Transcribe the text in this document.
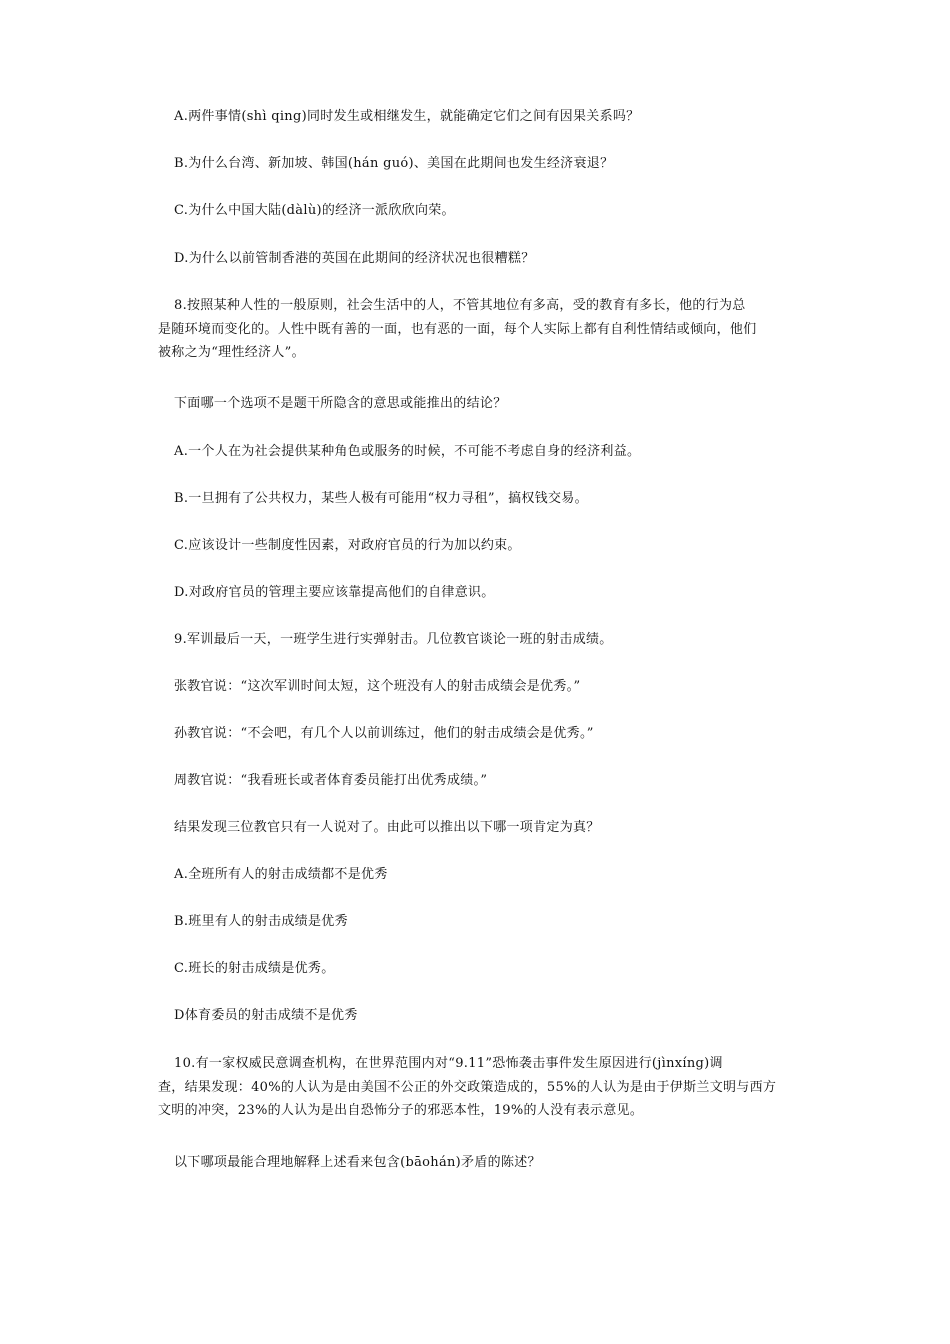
A.两件事情(shì qing)同时发生或相继发生，就能确定它们之间有因果关系吗？
B.为什么台湾、新加坡、韩国(hán guó)、美国在此期间也发生经济衰退？
C.为什么中国大陆(dàlù)的经济一派欣欣向荣。
D.为什么以前管制香港的英国在此期间的经济状况也很糟糕？
8.按照某种人性的一般原则，社会生活中的人，不管其地位有多高，受的教育有多长，他的行为总
是随环境而变化的。人性中既有善的一面，也有恶的一面，每个人实际上都有自利性情结或倾向，他们
被称之为“理性经济人”。
下面哪一个选项不是题干所隐含的意思或能推出的结论？
A.一个人在为社会提供某种角色或服务的时候，不可能不考虑自身的经济利益。
B.一旦拥有了公共权力，某些人极有可能用“权力寻租”，搞权钱交易。
C.应该设计一些制度性因素，对政府官员的行为加以约束。
D.对政府官员的管理主要应该靠提高他们的自律意识。
9.军训最后一天，一班学生进行实弹射击。几位教官谈论一班的射击成绩。
张教官说：“这次军训时间太短，这个班没有人的射击成绩会是优秀。”
孙教官说：“不会吧，有几个人以前训练过，他们的射击成绩会是优秀。”
周教官说：“我看班长或者体育委员能打出优秀成绩。”
结果发现三位教官只有一人说对了。由此可以推出以下哪一项肯定为真？
A.全班所有人的射击成绩都不是优秀
B.班里有人的射击成绩是优秀
C.班长的射击成绩是优秀。
D体育委员的射击成绩不是优秀
10.有一家权威民意调查机构，在世界范围内对“9.11”恐怖袭击事件发生原因进行(jìnxíng)调
查，结果发现：40%的人认为是由美国不公正的外交政策造成的，55%的人认为是由于伊斯兰文明与西方
文明的冲突，23%的人认为是出自恐怖分子的邪恶本性，19%的人没有表示意见。
以下哪项最能合理地解释上述看来包含(bāohán)矛盾的陈述？
